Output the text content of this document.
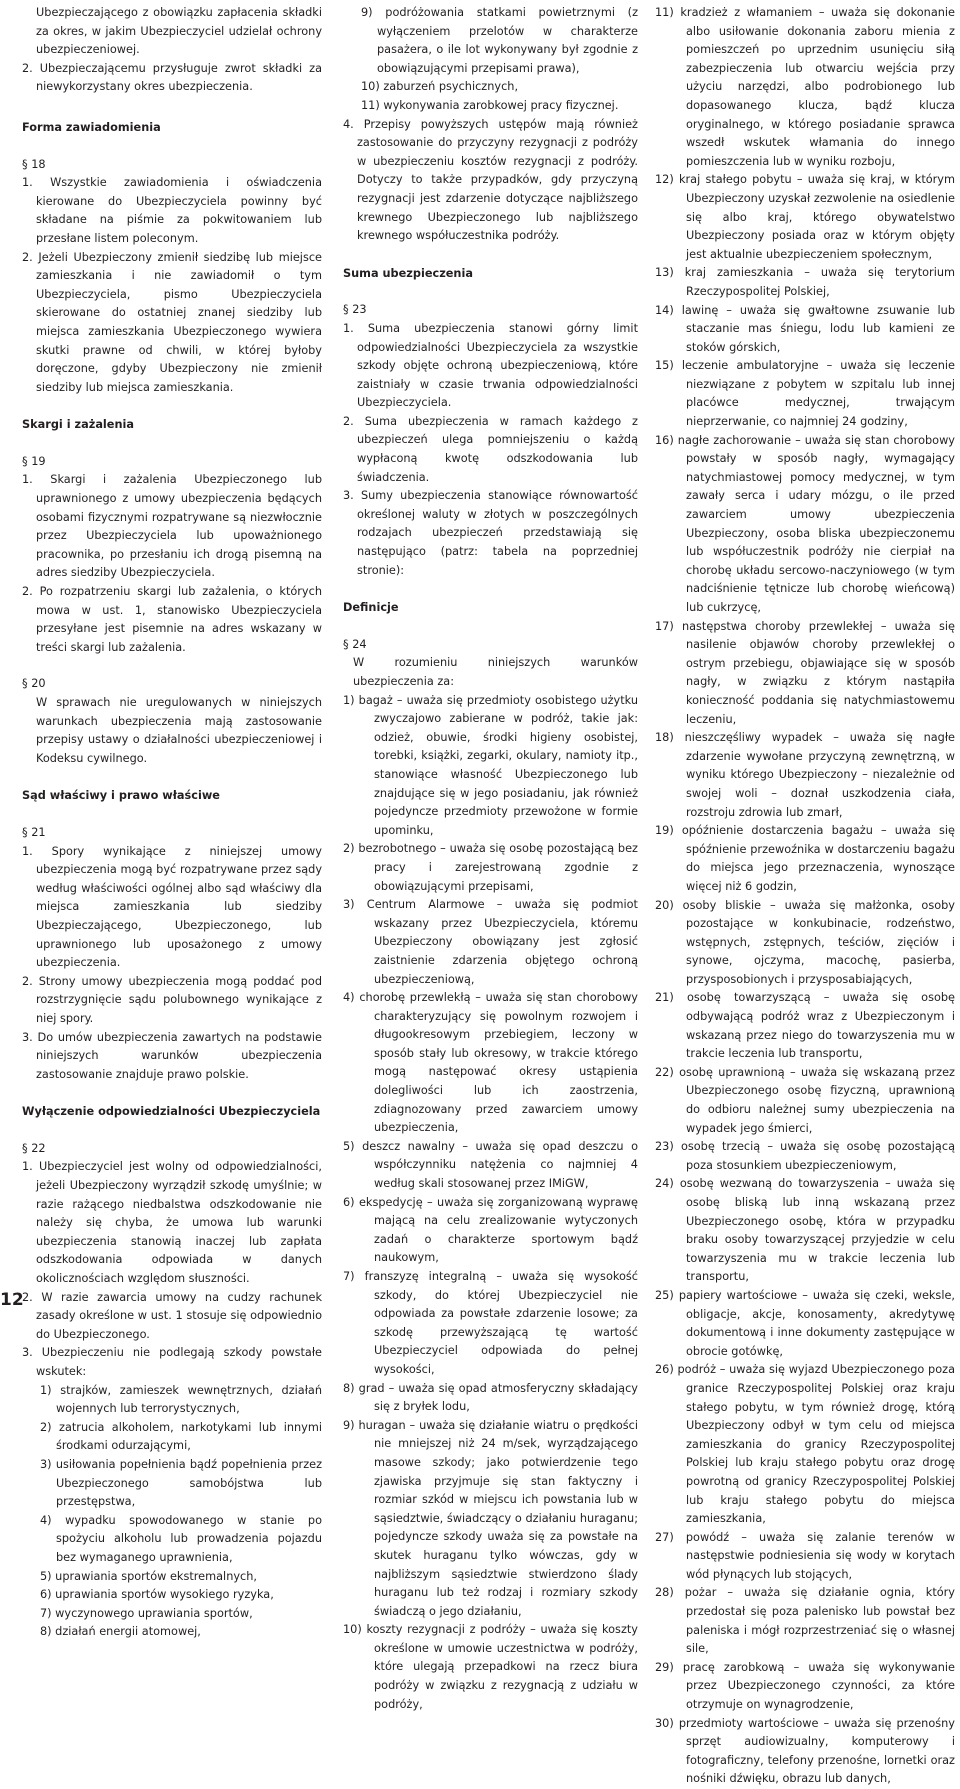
Ubezpieczającego z obowiązku zapłacenia składki za okres, w jakim Ubezpieczyciel udzielał ochrony ubezpieczeniowej.

2. Ubezpieczającemu przysługuje zwrot składki za niewykorzystany okres ubezpieczenia.

Forma zawiadomienia

§ 18

1. Wszystkie zawiadomienia i oświadczenia kierowane do Ubezpieczyciela powinny być składane na piśmie za pokwitowaniem lub przesłane listem poleconym.

2. Jeżeli Ubezpieczony zmienił siedzibę lub miejsce zamieszkania i nie zawiadomił o tym Ubezpieczyciela, pismo Ubezpieczyciela skierowane do ostatniej znanej siedziby lub miejsca zamieszkania Ubezpieczonego wywiera skutki prawne od chwili, w której byłoby doręczone, gdyby Ubezpieczony nie zmienił siedziby lub miejsca zamieszkania.

Skargi i zażalenia

§ 19

1. Skargi i zażalenia Ubezpieczonego lub uprawnionego z umowy ubezpieczenia będących osobami fizycznymi rozpatrywane są niezwłocznie przez Ubezpieczyciela lub upoważnionego pracownika, po przesłaniu ich drogą pisemną na adres siedziby Ubezpieczyciela.

2. Po rozpatrzeniu skargi lub zażalenia, o których mowa w ust. 1, stanowisko Ubezpieczyciela przesyłane jest pisemnie na adres wskazany w treści skargi lub zażalenia.

§ 20

W sprawach nie uregulowanych w niniejszych warunkach ubezpieczenia mają zastosowanie przepisy ustawy o działalności ubezpieczeniowej i Kodeksu cywilnego.

Sąd właściwy i prawo właściwe

§ 21

1. Spory wynikające z niniejszej umowy ubezpieczenia mogą być rozpatrywane przez sądy według właściwości ogólnej albo sąd właściwy dla miejsca zamieszkania lub siedziby Ubezpieczającego, Ubezpieczonego, lub uprawnionego lub uposażonego z umowy ubezpieczenia.

2. Strony umowy ubezpieczenia mogą poddać pod rozstrzygnięcie sądu polubownego wynikające z niej spory.

3. Do umów ubezpieczenia zawartych na podstawie niniejszych warunków ubezpieczenia zastosowanie znajduje prawo polskie.

Wyłączenie odpowiedzialności Ubezpieczyciela

§ 22

1. Ubezpieczyciel jest wolny od odpowiedzialności, jeżeli Ubezpieczony wyrządził szkodę umyślnie; w razie rażącego niedbalstwa odszkodowanie nie należy się chyba, że umowa lub warunki ubezpieczenia stanowią inaczej lub zapłata odszkodowania odpowiada w danych okolicznościach względom słuszności.

2. W razie zawarcia umowy na cudzy rachunek zasady określone w ust. 1 stosuje się odpowiednio do Ubezpieczonego.

3. Ubezpieczeniu nie podlegają szkody powstałe wskutek:

1) strajków, zamieszek wewnętrznych, działań wojennych lub terrorystycznych,

2) zatrucia alkoholem, narkotykami lub innymi środkami odurzającymi,

3) usiłowania popełnienia bądź popełnienia przez Ubezpieczonego samobójstwa lub przestępstwa,

4) wypadku spowodowanego w stanie po spożyciu alkoholu lub prowadzenia pojazdu bez wymaganego uprawnienia,

5) uprawiania sportów ekstremalnych,

6) uprawiania sportów wysokiego ryzyka,

7) wyczynowego uprawiania sportów,

8) działań energii atomowej,

9) podróżowania statkami powietrznymi (z wyłączeniem przelotów w charakterze pasażera, o ile lot wykonywany był zgodnie z obowiązującymi przepisami prawa),

10) zaburzeń psychicznych,

11) wykonywania zarobkowej pracy fizycznej.

4. Przepisy powyższych ustępów mają również zastosowanie do przyczyny rezygnacji z podróży w ubezpieczeniu kosztów rezygnacji z podróży. Dotyczy to także przypadków, gdy przyczyną rezygnacji jest zdarzenie dotyczące najbliższego krewnego Ubezpieczonego lub najbliższego krewnego współuczestnika podróży.

Suma ubezpieczenia

§ 23

1. Suma ubezpieczenia stanowi górny limit odpowiedzialności Ubezpieczyciela za wszystkie szkody objęte ochroną ubezpieczeniową, które zaistniały w czasie trwania odpowiedzialności Ubezpieczyciela.

2. Suma ubezpieczenia w ramach każdego z ubezpieczeń ulega pomniejszeniu o każdą wypłaconą kwotę odszkodowania lub świadczenia.

3. Sumy ubezpieczenia stanowiące równowartość określonej waluty w złotych w poszczególnych rodzajach ubezpieczeń przedstawiają się następująco (patrz: tabela na poprzedniej stronie):

Definicje

§ 24

W rozumieniu niniejszych warunków ubezpieczenia za:

1) bagaż – uważa się przedmioty osobistego użytku zwyczajowo zabierane w podróż, takie jak: odzież, obuwie, środki higieny osobistej, torebki, książki, zegarki, okulary, namioty itp., stanowiące własność Ubezpieczonego lub znajdujące się w jego posiadaniu, jak również pojedyncze przedmioty przewożone w formie upominku,

2) bezrobotnego – uważa się osobę pozostającą bez pracy i zarejestrowaną zgodnie z obowiązującymi przepisami,

3) Centrum Alarmowe – uważa się podmiot wskazany przez Ubezpieczyciela, któremu Ubezpieczony obowiązany jest zgłosić zaistnienie zdarzenia objętego ochroną ubezpieczeniową,

4) chorobę przewlekłą – uważa się stan chorobowy charakteryzujący się powolnym rozwojem i długookresowym przebiegiem, leczony w sposób stały lub okresowy, w trakcie którego mogą następować okresy ustąpienia dolegliwości lub ich zaostrzenia, zdiagnozowany przed zawarciem umowy ubezpieczenia,

5) deszcz nawalny – uważa się opad deszczu o współczynniku natężenia co najmniej 4 według skali stosowanej przez IMiGW,

6) ekspedycję – uważa się zorganizowaną wyprawę mającą na celu zrealizowanie wytyczonych zadań o charakterze sportowym bądź naukowym,

7) franszyzę integralną – uważa się wysokość szkody, do której Ubezpieczyciel nie odpowiada za powstałe zdarzenie losowe; za szkodę przewyższającą tę wartość Ubezpieczyciel odpowiada do pełnej wysokości,

8) grad – uważa się opad atmosferyczny składający się z bryłek lodu,

9) huragan – uważa się działanie wiatru o prędkości nie mniejszej niż 24 m/sek, wyrządzającego masowe szkody; jako potwierdzenie tego zjawiska przyjmuje się stan faktyczny i rozmiar szkód w miejscu ich powstania lub w sąsiedztwie, świadczący o działaniu huraganu; pojedyncze szkody uważa się za powstałe na skutek huraganu tylko wówczas, gdy w najbliższym sąsiedztwie stwierdzono ślady huraganu lub też rodzaj i rozmiary szkody świadczą o jego działaniu,

10) koszty rezygnacji z podróży – uważa się koszty określone w umowie uczestnictwa w podróży, które ulegają przepadkowi na rzecz biura podróży w związku z rezygnacją z udziału w podróży,

11) kradzież z włamaniem – uważa się dokonanie albo usiłowanie dokonania zaboru mienia z pomieszczeń po uprzednim usunięciu siłą zabezpieczenia lub otwarciu wejścia przy użyciu narzędzi, albo podrobionego lub dopasowanego klucza, bądź klucza oryginalnego, w którego posiadanie sprawca wszedł wskutek włamania do innego pomieszczenia lub w wyniku rozboju,

12) kraj stałego pobytu – uważa się kraj, w którym Ubezpieczony uzyskał zezwolenie na osiedlenie się albo kraj, którego obywatelstwo Ubezpieczony posiada oraz w którym objęty jest aktualnie ubezpieczeniem społecznym,

13) kraj zamieszkania – uważa się terytorium Rzeczypospolitej Polskiej,

14) lawinę – uważa się gwałtowne zsuwanie lub staczanie mas śniegu, lodu lub kamieni ze stoków górskich,

15) leczenie ambulatoryjne – uważa się leczenie niezwiązane z pobytem w szpitalu lub innej placówce medycznej, trwającym nieprzerwanie, co najmniej 24 godziny,

16) nagłe zachorowanie – uważa się stan chorobowy powstały w sposób nagły, wymagający natychmiastowej pomocy medycznej, w tym zawały serca i udary mózgu, o ile przed zawarciem umowy ubezpieczenia Ubezpieczony, osoba bliska ubezpieczonemu lub współuczestnik podróży nie cierpiał na chorobę układu sercowo-naczyniowego (w tym nadciśnienie tętnicze lub chorobę wieńcową) lub cukrzycę,

17) następstwa choroby przewlekłej – uważa się nasilenie objawów choroby przewlekłej o ostrym przebiegu, objawiające się w sposób nagły, w związku z którym nastąpiła konieczność poddania się natychmiastowemu leczeniu,

18) nieszczęśliwy wypadek – uważa się nagłe zdarzenie wywołane przyczyną zewnętrzną, w wyniku którego Ubezpieczony – niezależnie od swojej woli – doznał uszkodzenia ciała, rozstroju zdrowia lub zmarł,

19) opóźnienie dostarczenia bagażu – uważa się spóźnienie przewoźnika w dostarczeniu bagażu do miejsca jego przeznaczenia, wynoszące więcej niż 6 godzin,

20) osoby bliskie – uważa się małżonka, osoby pozostające w konkubinacie, rodzeństwo, wstępnych, zstępnych, teściów, zięciów i synowe, ojczyma, macochę, pasierba, przysposobionych i przysposabiających,

21) osobę towarzyszącą – uważa się osobę odbywającą podróż wraz z Ubezpieczonym i wskazaną przez niego do towarzyszenia mu w trakcie leczenia lub transportu,

22) osobę uprawnioną – uważa się wskazaną przez Ubezpieczonego osobę fizyczną, uprawnioną do odbioru należnej sumy ubezpieczenia na wypadek jego śmierci,

23) osobę trzecią – uważa się osobę pozostającą poza stosunkiem ubezpieczeniowym,

24) osobę wezwaną do towarzyszenia – uważa się osobę bliską lub inną wskazaną przez Ubezpieczonego osobę, która w przypadku braku osoby towarzyszącej przyjedzie w celu towarzyszenia mu w trakcie leczenia lub transportu,

25) papiery wartościowe – uważa się czeki, weksle, obligacje, akcje, konosamenty, akredytywę dokumentową i inne dokumenty zastępujące w obrocie gotówkę,

26) podróż – uważa się wyjazd Ubezpieczonego poza granice Rzeczypospolitej Polskiej oraz kraju stałego pobytu, w tym również drogę, którą Ubezpieczony odbył w tym celu od miejsca zamieszkania do granicy Rzeczypospolitej Polskiej lub kraju stałego pobytu oraz drogę powrotną od granicy Rzeczypospolitej Polskiej lub kraju stałego pobytu do miejsca zamieszkania,

27) powódź – uważa się zalanie terenów w następstwie podniesienia się wody w korytach wód płynących lub stojących,

28) pożar – uważa się działanie ognia, który przedostał się poza palenisko lub powstał bez paleniska i mógł rozprzestrzeniać się o własnej sile,

29) pracę zarobkową – uważa się wykonywanie przez Ubezpieczonego czynności, za które otrzymuje on wynagrodzenie,

30) przedmioty wartościowe – uważa się przenośny sprzęt audiowizualny, komputerowy i fotograficzny, telefony przenośne, lornetki oraz nośniki dźwięku, obrazu lub danych,

12
